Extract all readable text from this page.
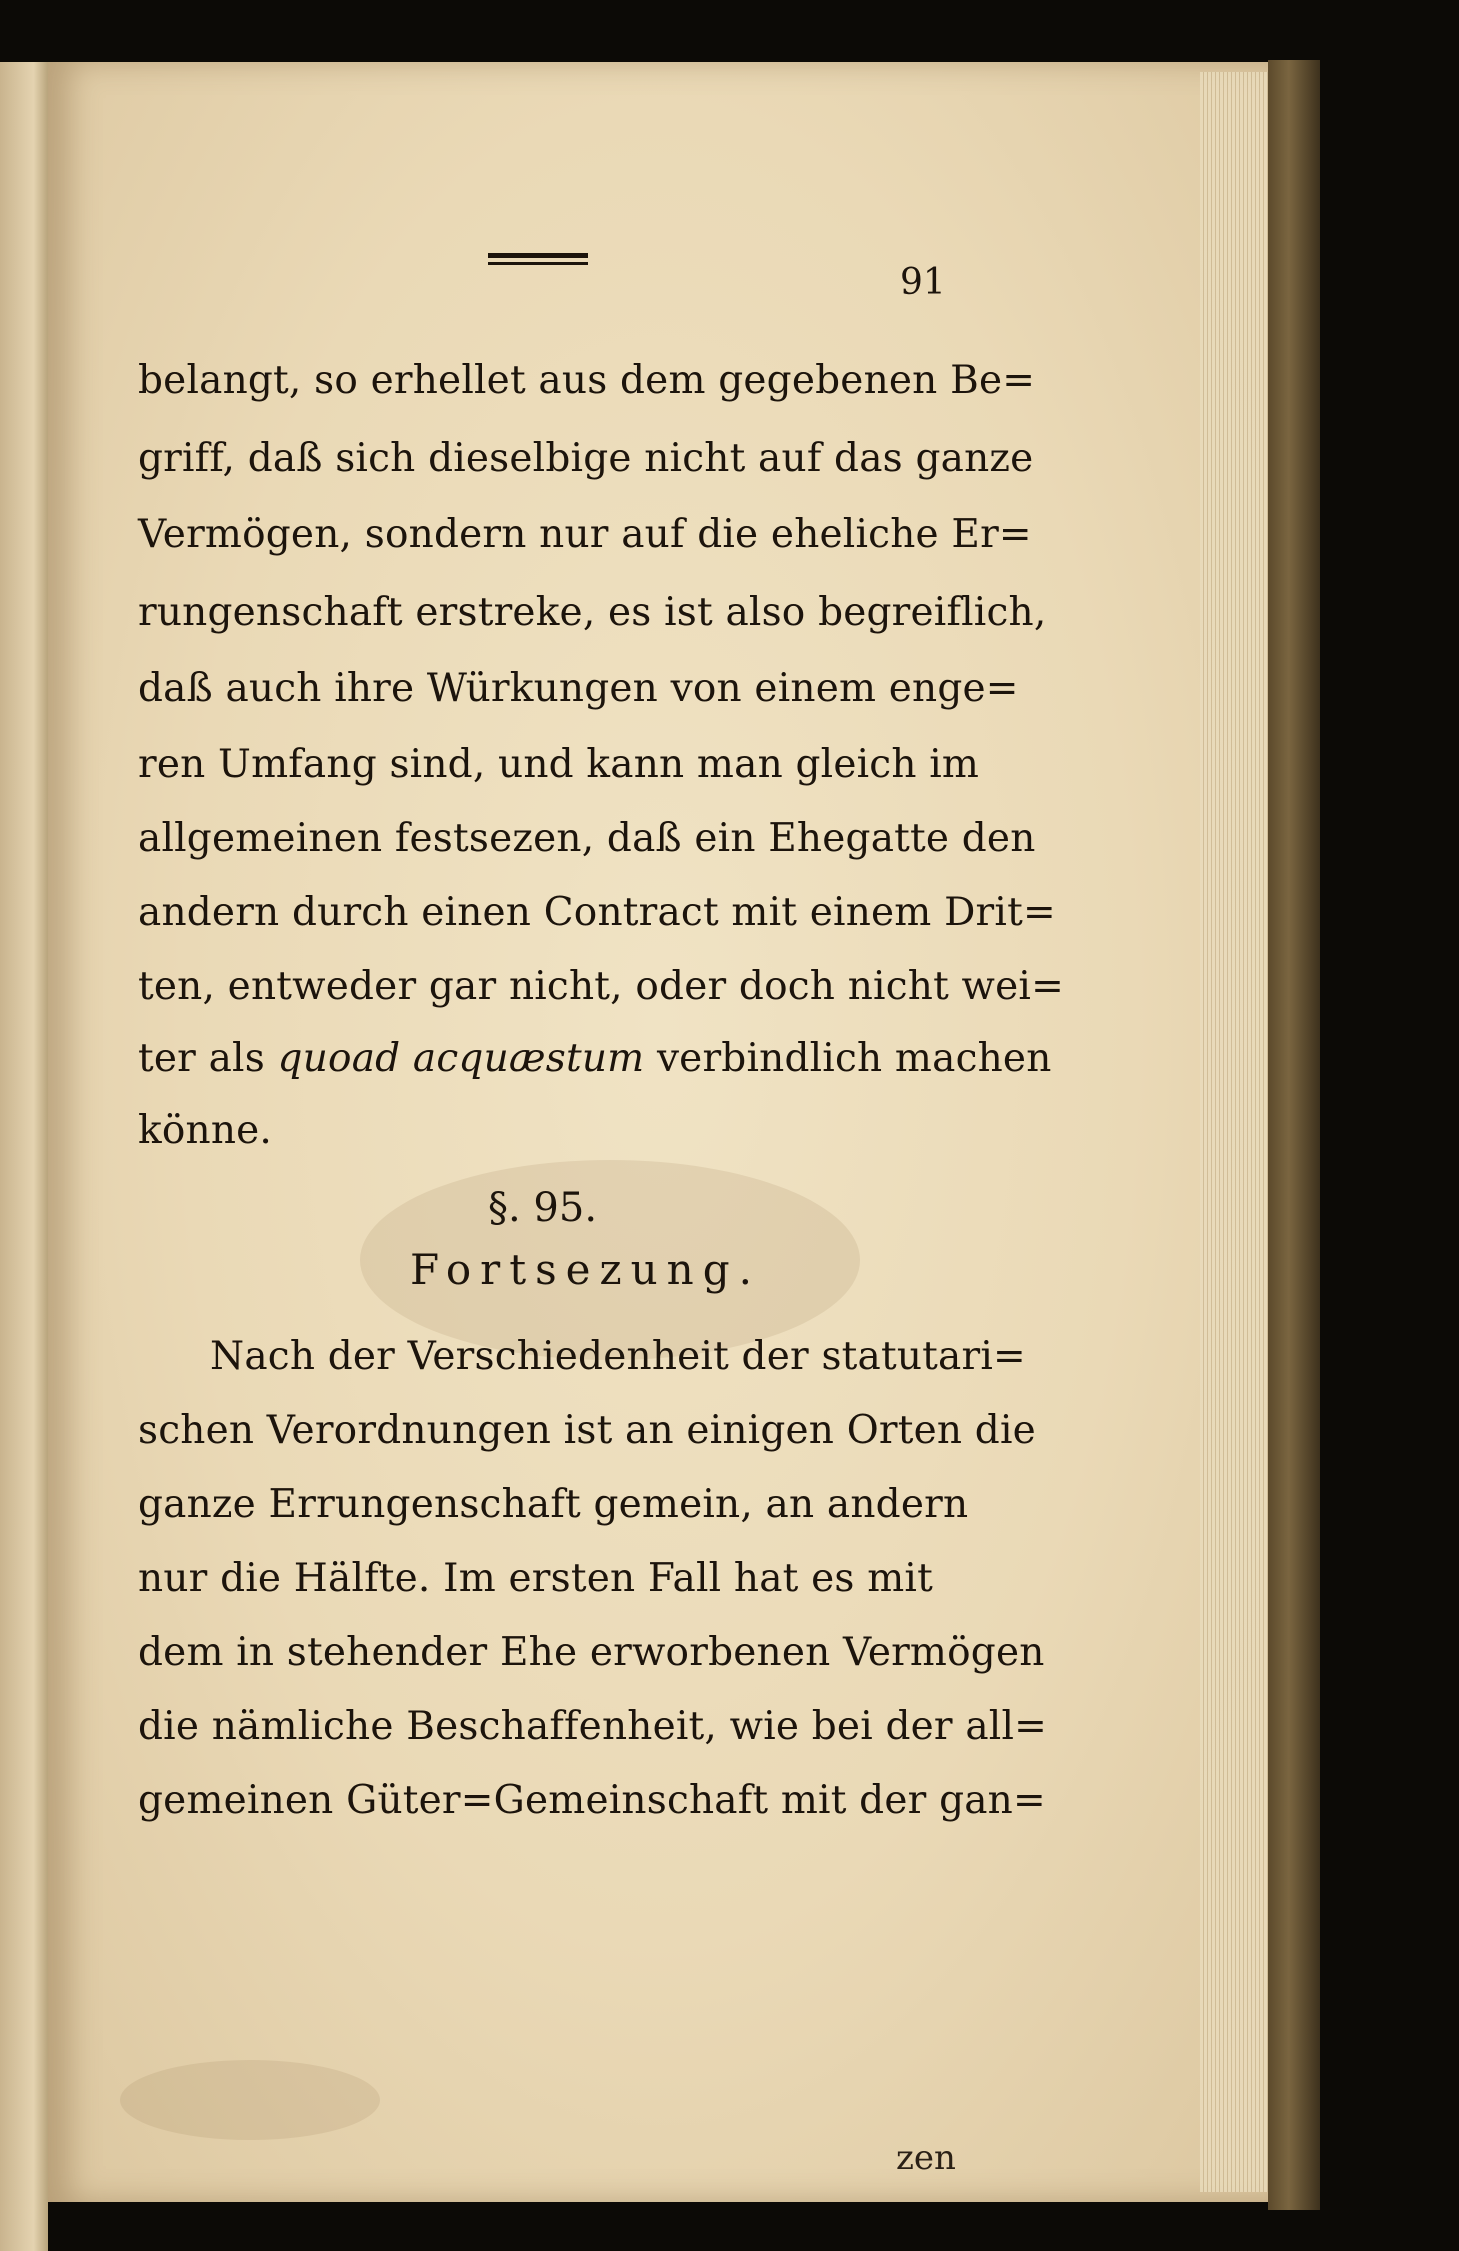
91
belangt, so erhellet aus dem gegebenen Be=
griff, daß sich dieselbige nicht auf das ganze
Vermögen, sondern nur auf die eheliche Er=
rungenschaft erstreke, es ist also begreiflich,
daß auch ihre Würkungen von einem enge=
ren Umfang sind, und kann man gleich im
allgemeinen festsezen, daß ein Ehegatte den
andern durch einen Contract mit einem Drit=
ten, entweder gar nicht, oder doch nicht wei=
ter als quoad acquæstum verbindlich machen
könne.
§. 95.
Fortsezung.
Nach der Verschiedenheit der statutari=
schen Verordnungen ist an einigen Orten die
ganze Errungenschaft gemein, an andern
nur die Hälfte. Im ersten Fall hat es mit
dem in stehender Ehe erworbenen Vermögen
die nämliche Beschaffenheit, wie bei der all=
gemeinen Güter=Gemeinschaft mit der gan=
zen
